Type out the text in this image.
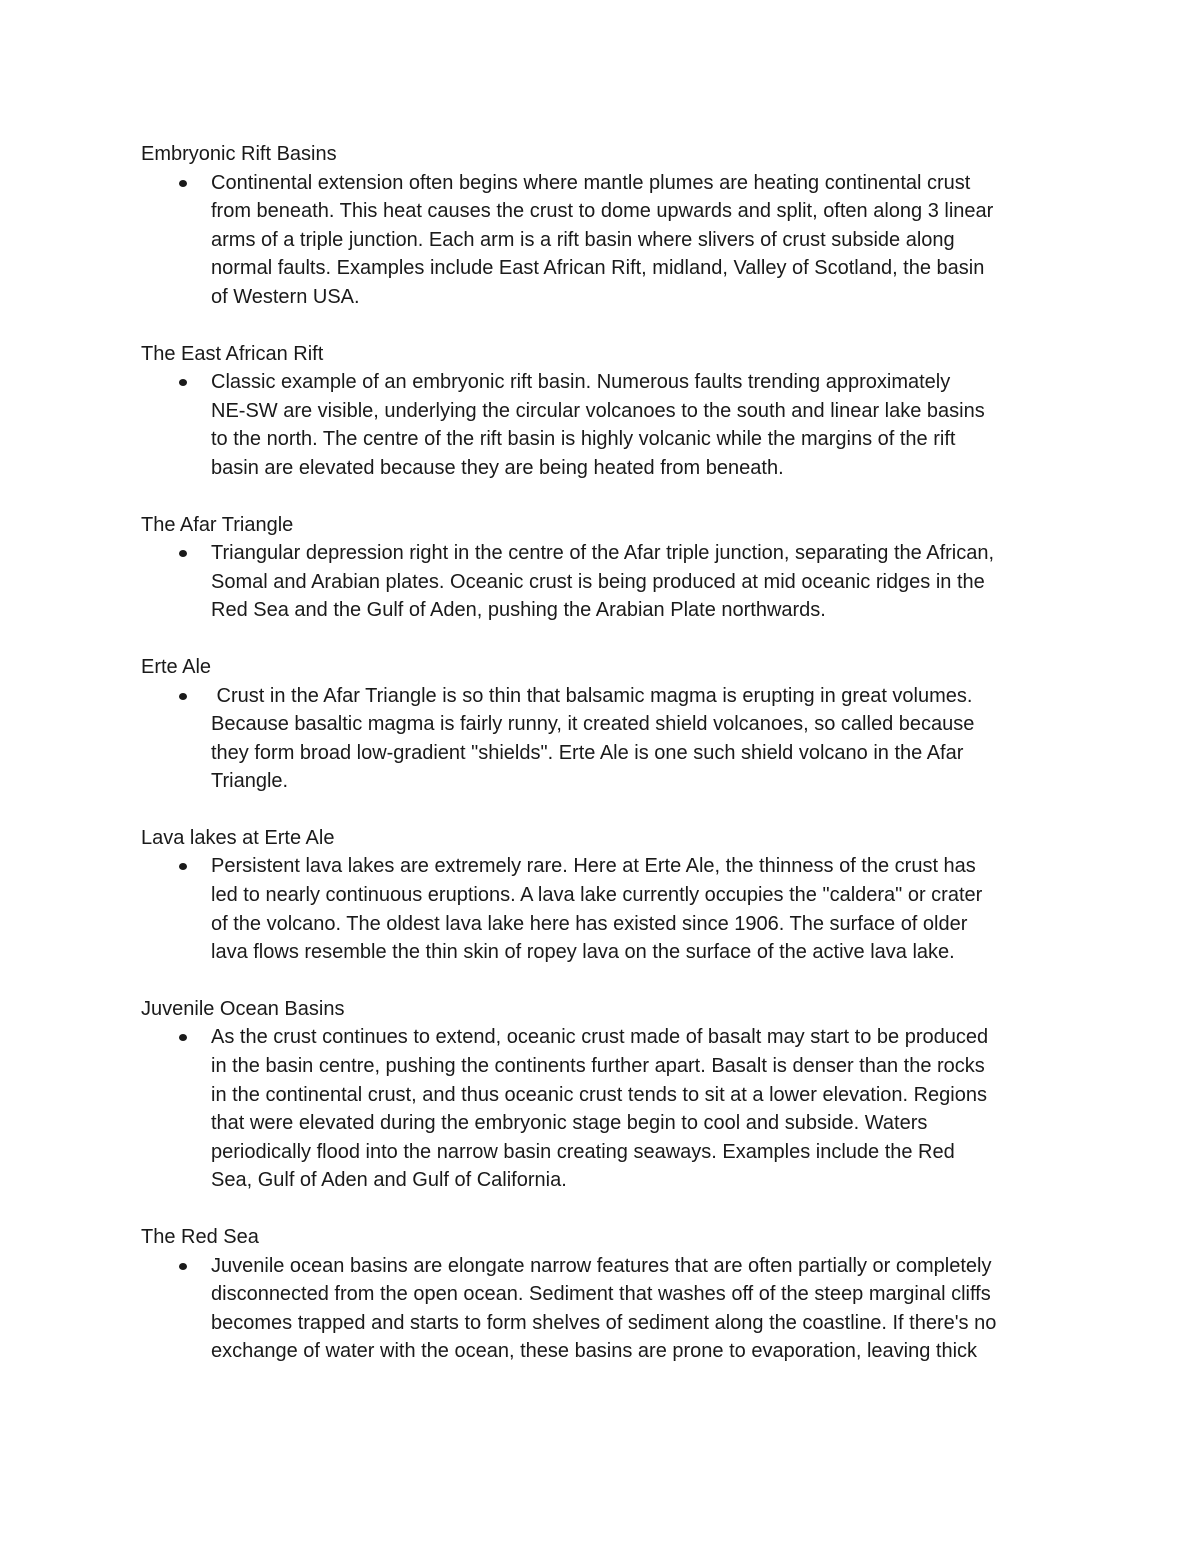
Embryonic Rift Basins

Continental extension often begins where mantle plumes are heating continental crust
from beneath. This heat causes the crust to dome upwards and split, often along 3 linear
arms of a triple junction. Each arm is a rift basin where slivers of crust subside along
normal faults. Examples include East African Rift, midland, Valley of Scotland, the basin
of Western USA.

The East African Rift

Classic example of an embryonic rift basin. Numerous faults trending approximately
NE-SW are visible, underlying the circular volcanoes to the south and linear lake basins
to the north. The centre of the rift basin is highly volcanic while the margins of the rift
basin are elevated because they are being heated from beneath.

The Afar Triangle

Triangular depression right in the centre of the Afar triple junction, separating the African,
Somal and Arabian plates. Oceanic crust is being produced at mid oceanic ridges in the
Red Sea and the Gulf of Aden, pushing the Arabian Plate northwards.

Erte Ale

Crust in the Afar Triangle is so thin that balsamic magma is erupting in great volumes.
Because basaltic magma is fairly runny, it created shield volcanoes, so called because
they form broad low-gradient "shields". Erte Ale is one such shield volcano in the Afar
Triangle.

Lava lakes at Erte Ale

Persistent lava lakes are extremely rare. Here at Erte Ale, the thinness of the crust has
led to nearly continuous eruptions. A lava lake currently occupies the "caldera" or crater
of the volcano. The oldest lava lake here has existed since 1906. The surface of older
lava flows resemble the thin skin of ropey lava on the surface of the active lava lake.

Juvenile Ocean Basins

As the crust continues to extend, oceanic crust made of basalt may start to be produced
in the basin centre, pushing the continents further apart. Basalt is denser than the rocks
in the continental crust, and thus oceanic crust tends to sit at a lower elevation. Regions
that were elevated during the embryonic stage begin to cool and subside. Waters
periodically flood into the narrow basin creating seaways. Examples include the Red
Sea, Gulf of Aden and Gulf of California.

The Red Sea

Juvenile ocean basins are elongate narrow features that are often partially or completely
disconnected from the open ocean. Sediment that washes off of the steep marginal cliffs
becomes trapped and starts to form shelves of sediment along the coastline. If there's no
exchange of water with the ocean, these basins are prone to evaporation, leaving thick
